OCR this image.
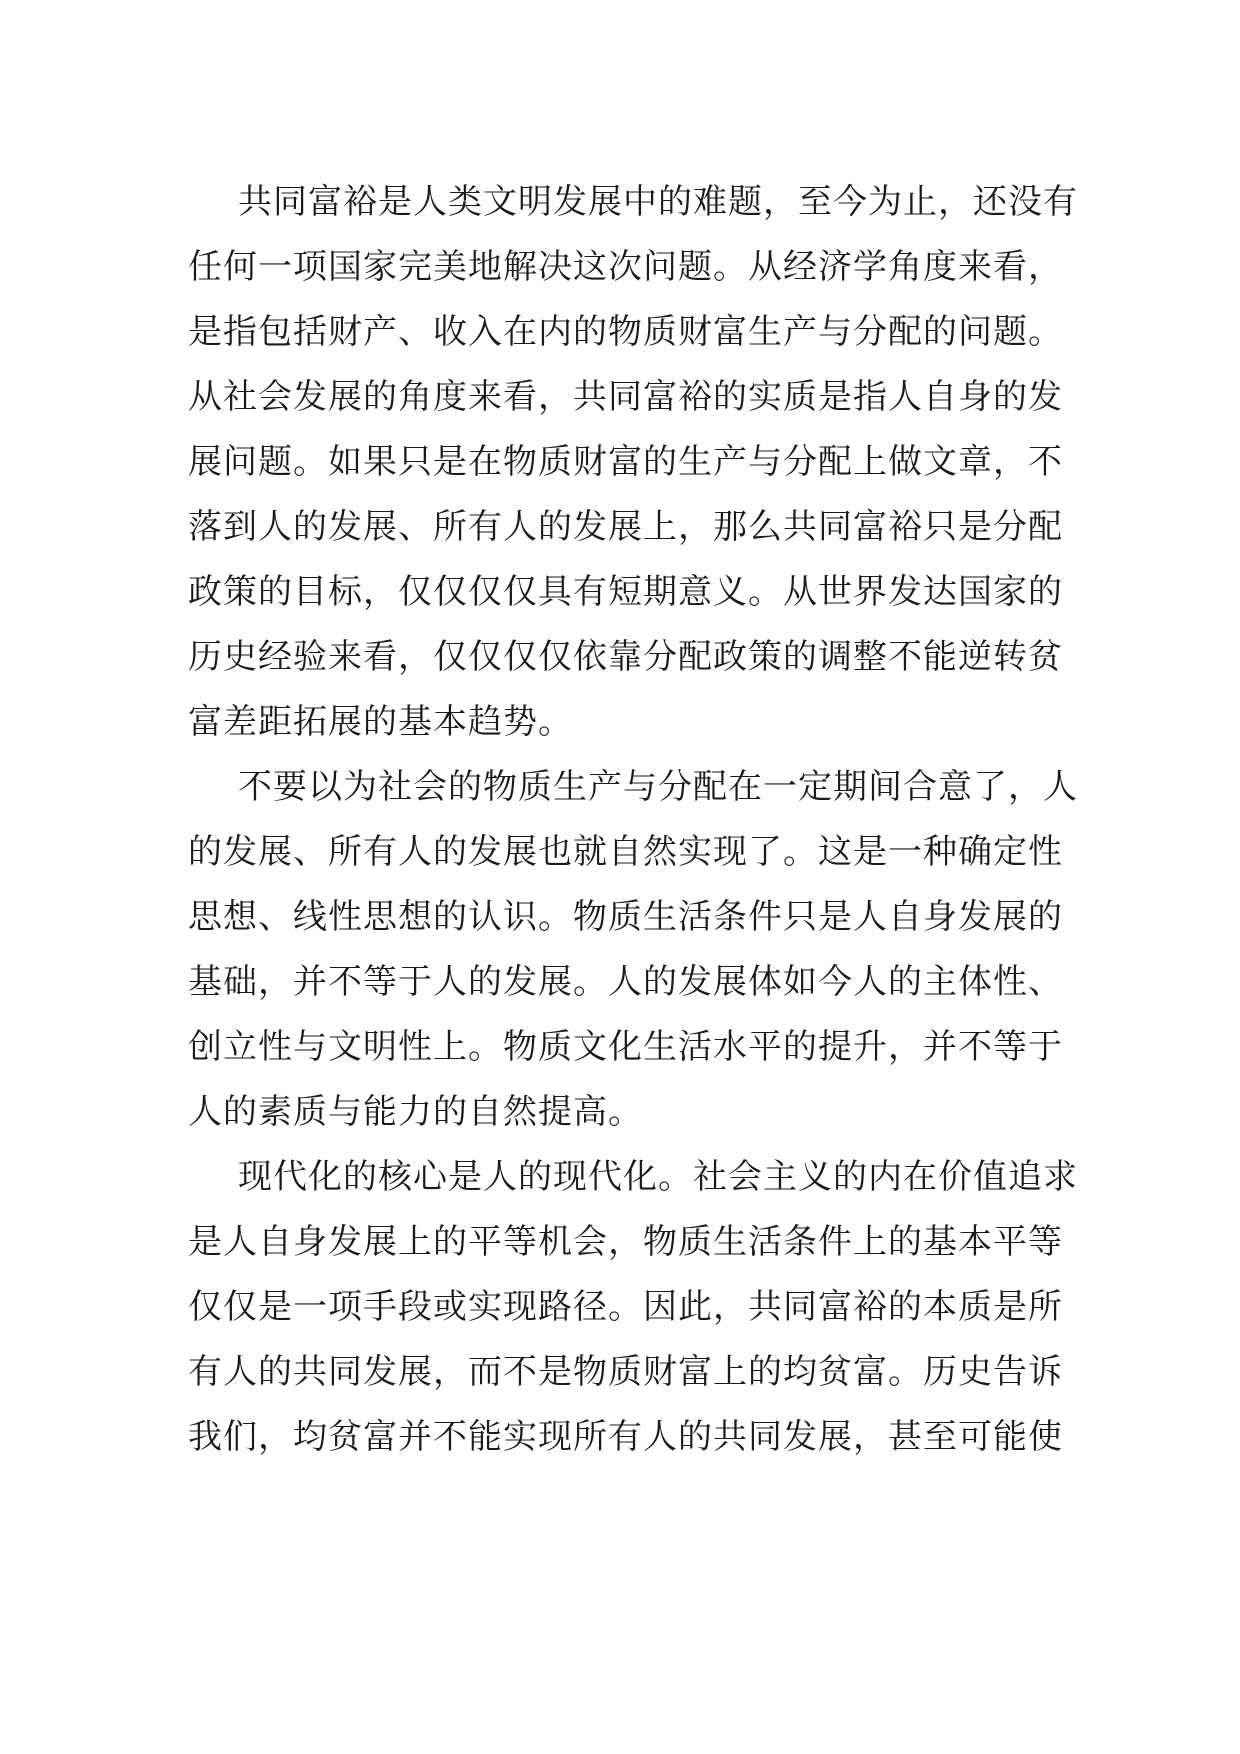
共同富裕是人类文明发展中的难题，至今为止，还没有
任何一项国家完美地解决这次问题。从经济学角度来看，
是指包括财产、收入在内的物质财富生产与分配的问题。
从社会发展的角度来看，共同富裕的实质是指人自身的发
展问题。如果只是在物质财富的生产与分配上做文章，不
落到人的发展、所有人的发展上，那么共同富裕只是分配
政策的目标，仅仅仅仅具有短期意义。从世界发达国家的
历史经验来看，仅仅仅仅依靠分配政策的调整不能逆转贫
富差距拓展的基本趋势。
不要以为社会的物质生产与分配在一定期间合意了，人
的发展、所有人的发展也就自然实现了。这是一种确定性
思想、线性思想的认识。物质生活条件只是人自身发展的
基础，并不等于人的发展。人的发展体如今人的主体性、
创立性与文明性上。物质文化生活水平的提升，并不等于
人的素质与能力的自然提高。
现代化的核心是人的现代化。社会主义的内在价值追求
是人自身发展上的平等机会，物质生活条件上的基本平等
仅仅是一项手段或实现路径。因此，共同富裕的本质是所
有人的共同发展，而不是物质财富上的均贫富。历史告诉
我们，均贫富并不能实现所有人的共同发展，甚至可能使
